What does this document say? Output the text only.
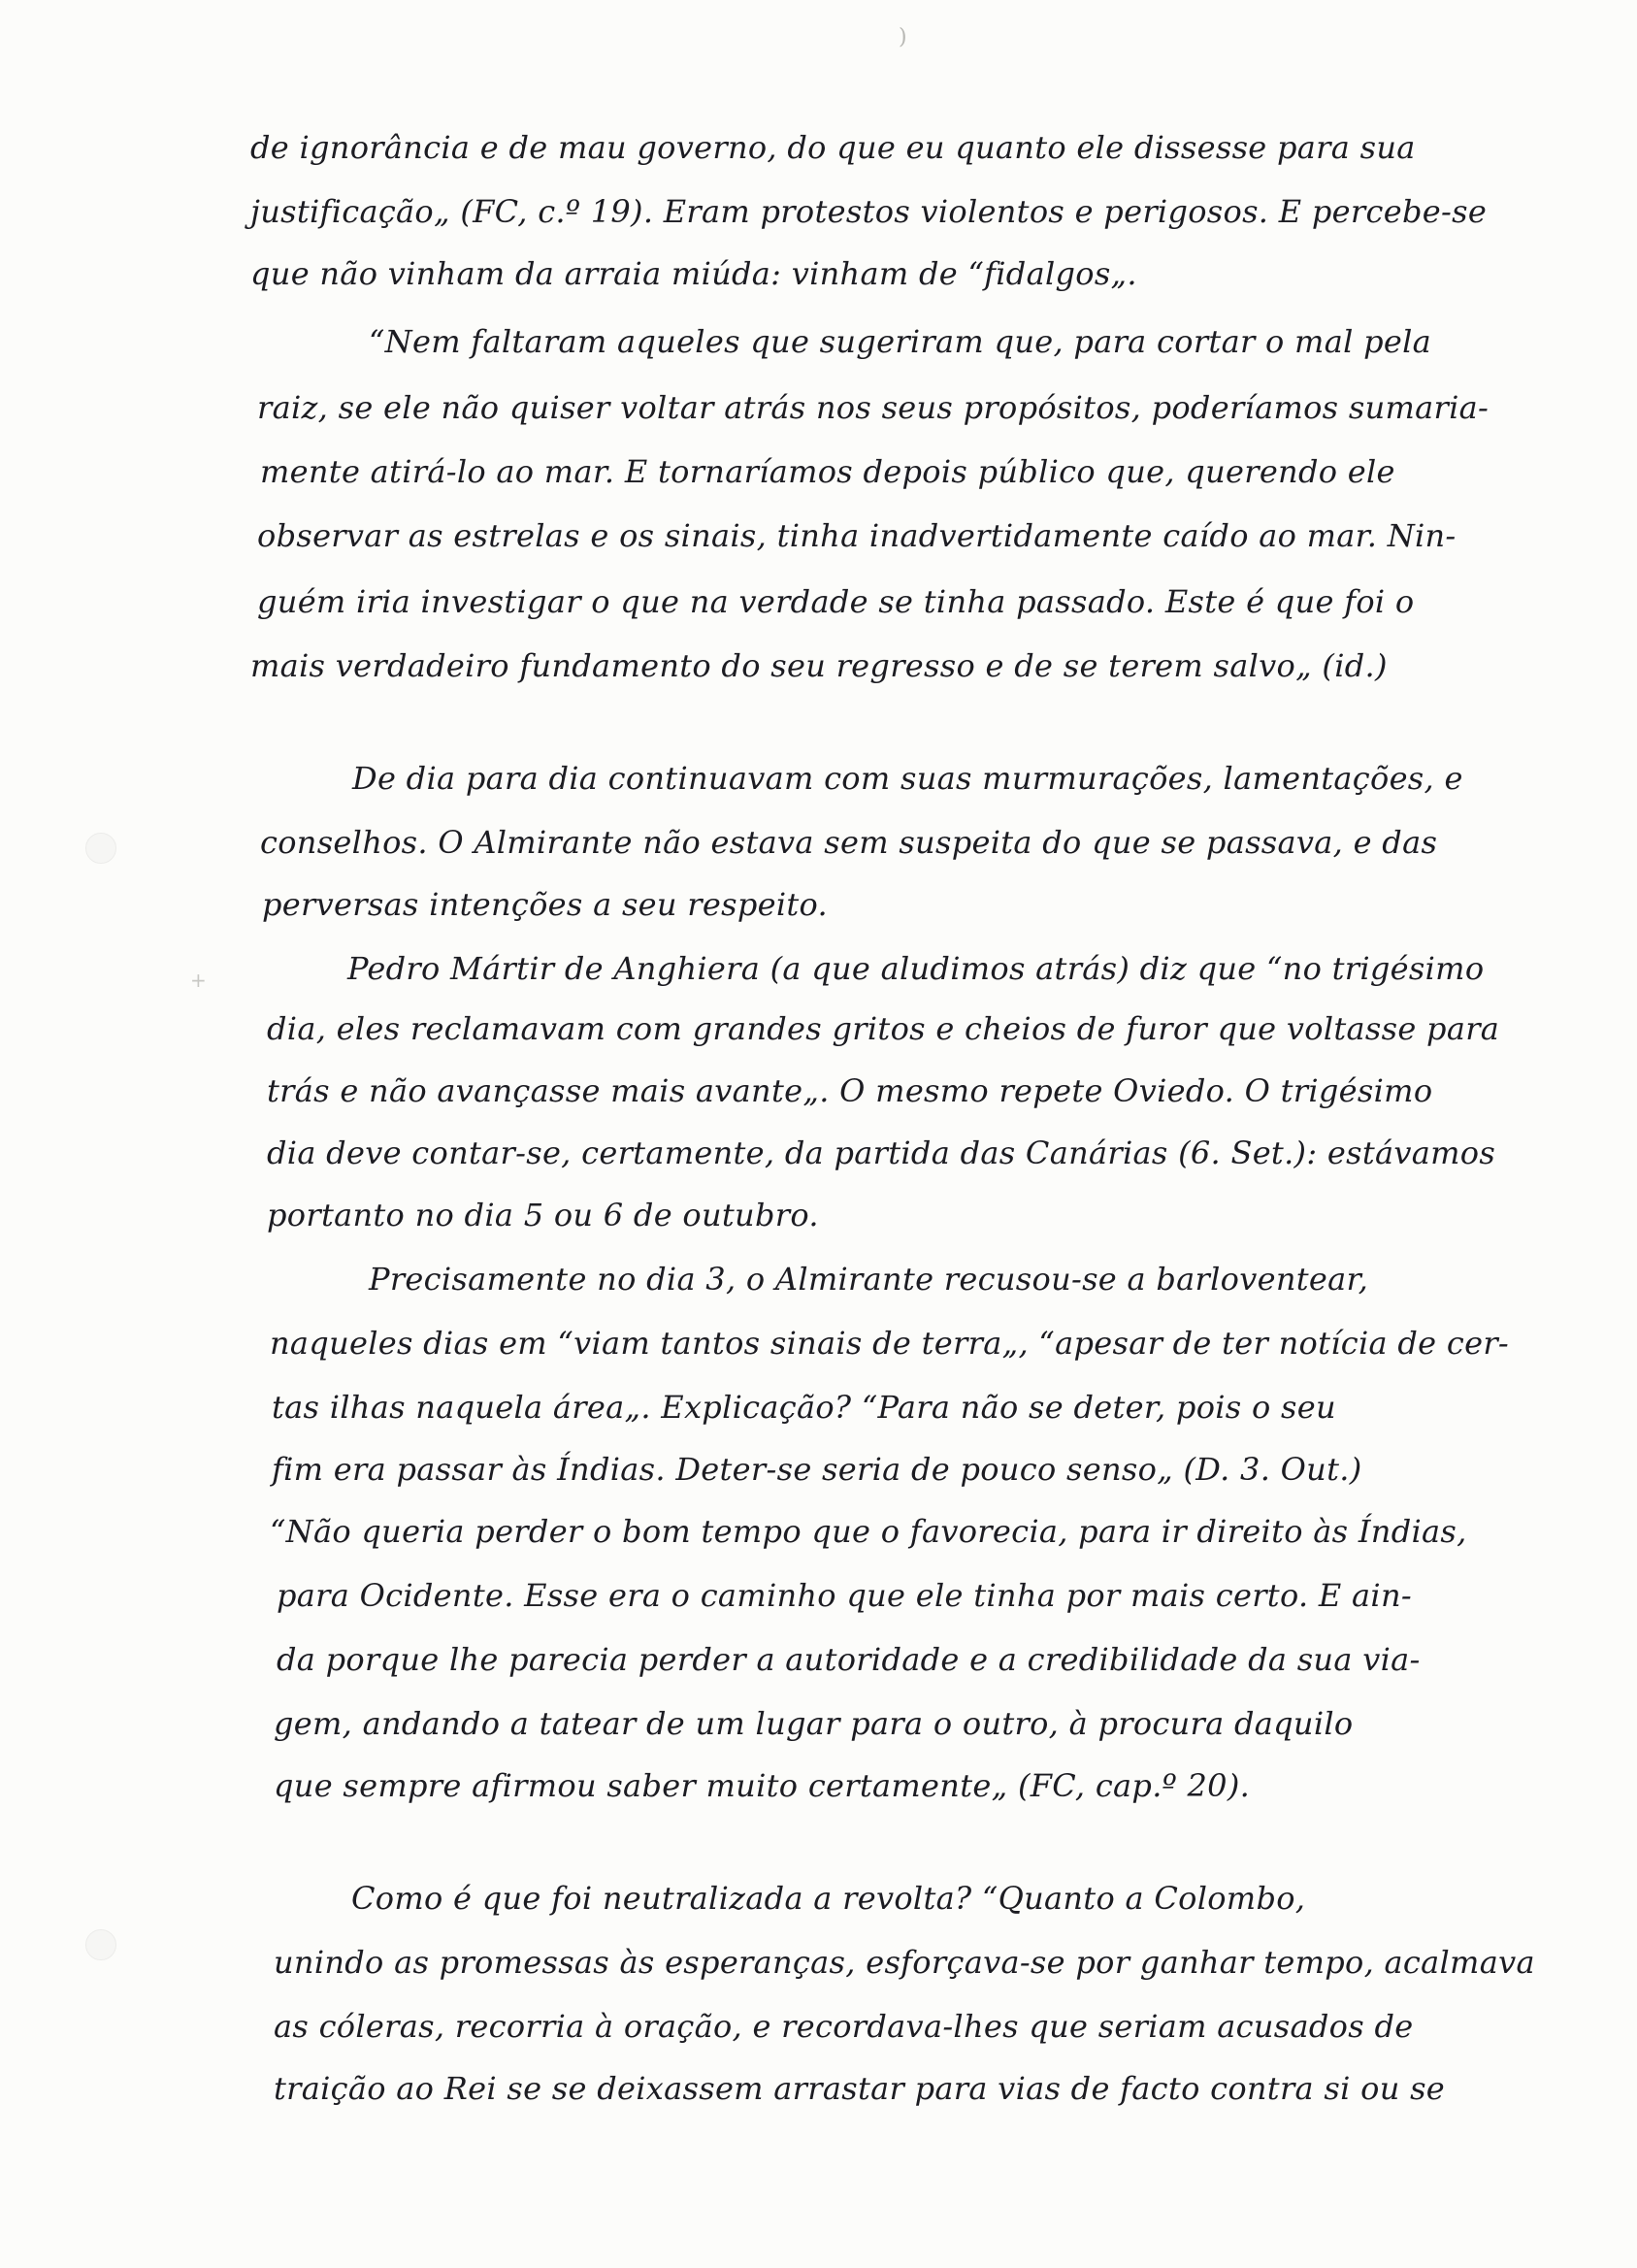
)
+
de ignorância e de mau governo, do que eu quanto ele dissesse para sua
justificação„ (FC, c.º 19). Eram protestos violentos e perigosos. E percebe-se
que não vinham da arraia miúda: vinham de “fidalgos„.
“Nem faltaram aqueles que sugeriram que, para cortar o mal pela
raiz, se ele não quiser voltar atrás nos seus propósitos, poderíamos sumaria-
mente atirá-lo ao mar. E tornaríamos depois público que, querendo ele
observar as estrelas e os sinais, tinha inadvertidamente caído ao mar. Nin-
guém iria investigar o que na verdade se tinha passado. Este é que foi o
mais verdadeiro fundamento do seu regresso e de se terem salvo„ (id.)
De dia para dia continuavam com suas murmurações, lamentações, e
conselhos. O Almirante não estava sem suspeita do que se passava, e das
perversas intenções a seu respeito.
Pedro Mártir de Anghiera (a que aludimos atrás) diz que “no trigésimo
dia, eles reclamavam com grandes gritos e cheios de furor que voltasse para
trás e não avançasse mais avante„. O mesmo repete Oviedo. O trigésimo
dia deve contar-se, certamente, da partida das Canárias (6. Set.): estávamos
portanto no dia 5 ou 6 de outubro.
Precisamente no dia 3, o Almirante recusou-se a barloventear,
naqueles dias em “viam tantos sinais de terra„, “apesar de ter notícia de cer-
tas ilhas naquela área„. Explicação? “Para não se deter, pois o seu
fim era passar às Índias. Deter-se seria de pouco senso„ (D. 3. Out.)
“Não queria perder o bom tempo que o favorecia, para ir direito às Índias,
para Ocidente. Esse era o caminho que ele tinha por mais certo. E ain-
da porque lhe parecia perder a autoridade e a credibilidade da sua via-
gem, andando a tatear de um lugar para o outro, à procura daquilo
que sempre afirmou saber muito certamente„ (FC, cap.º 20).
Como é que foi neutralizada a revolta? “Quanto a Colombo,
unindo as promessas às esperanças, esforçava-se por ganhar tempo, acalmava
as cóleras, recorria à oração, e recordava-lhes que seriam acusados de
traição ao Rei se se deixassem arrastar para vias de facto contra si ou se
